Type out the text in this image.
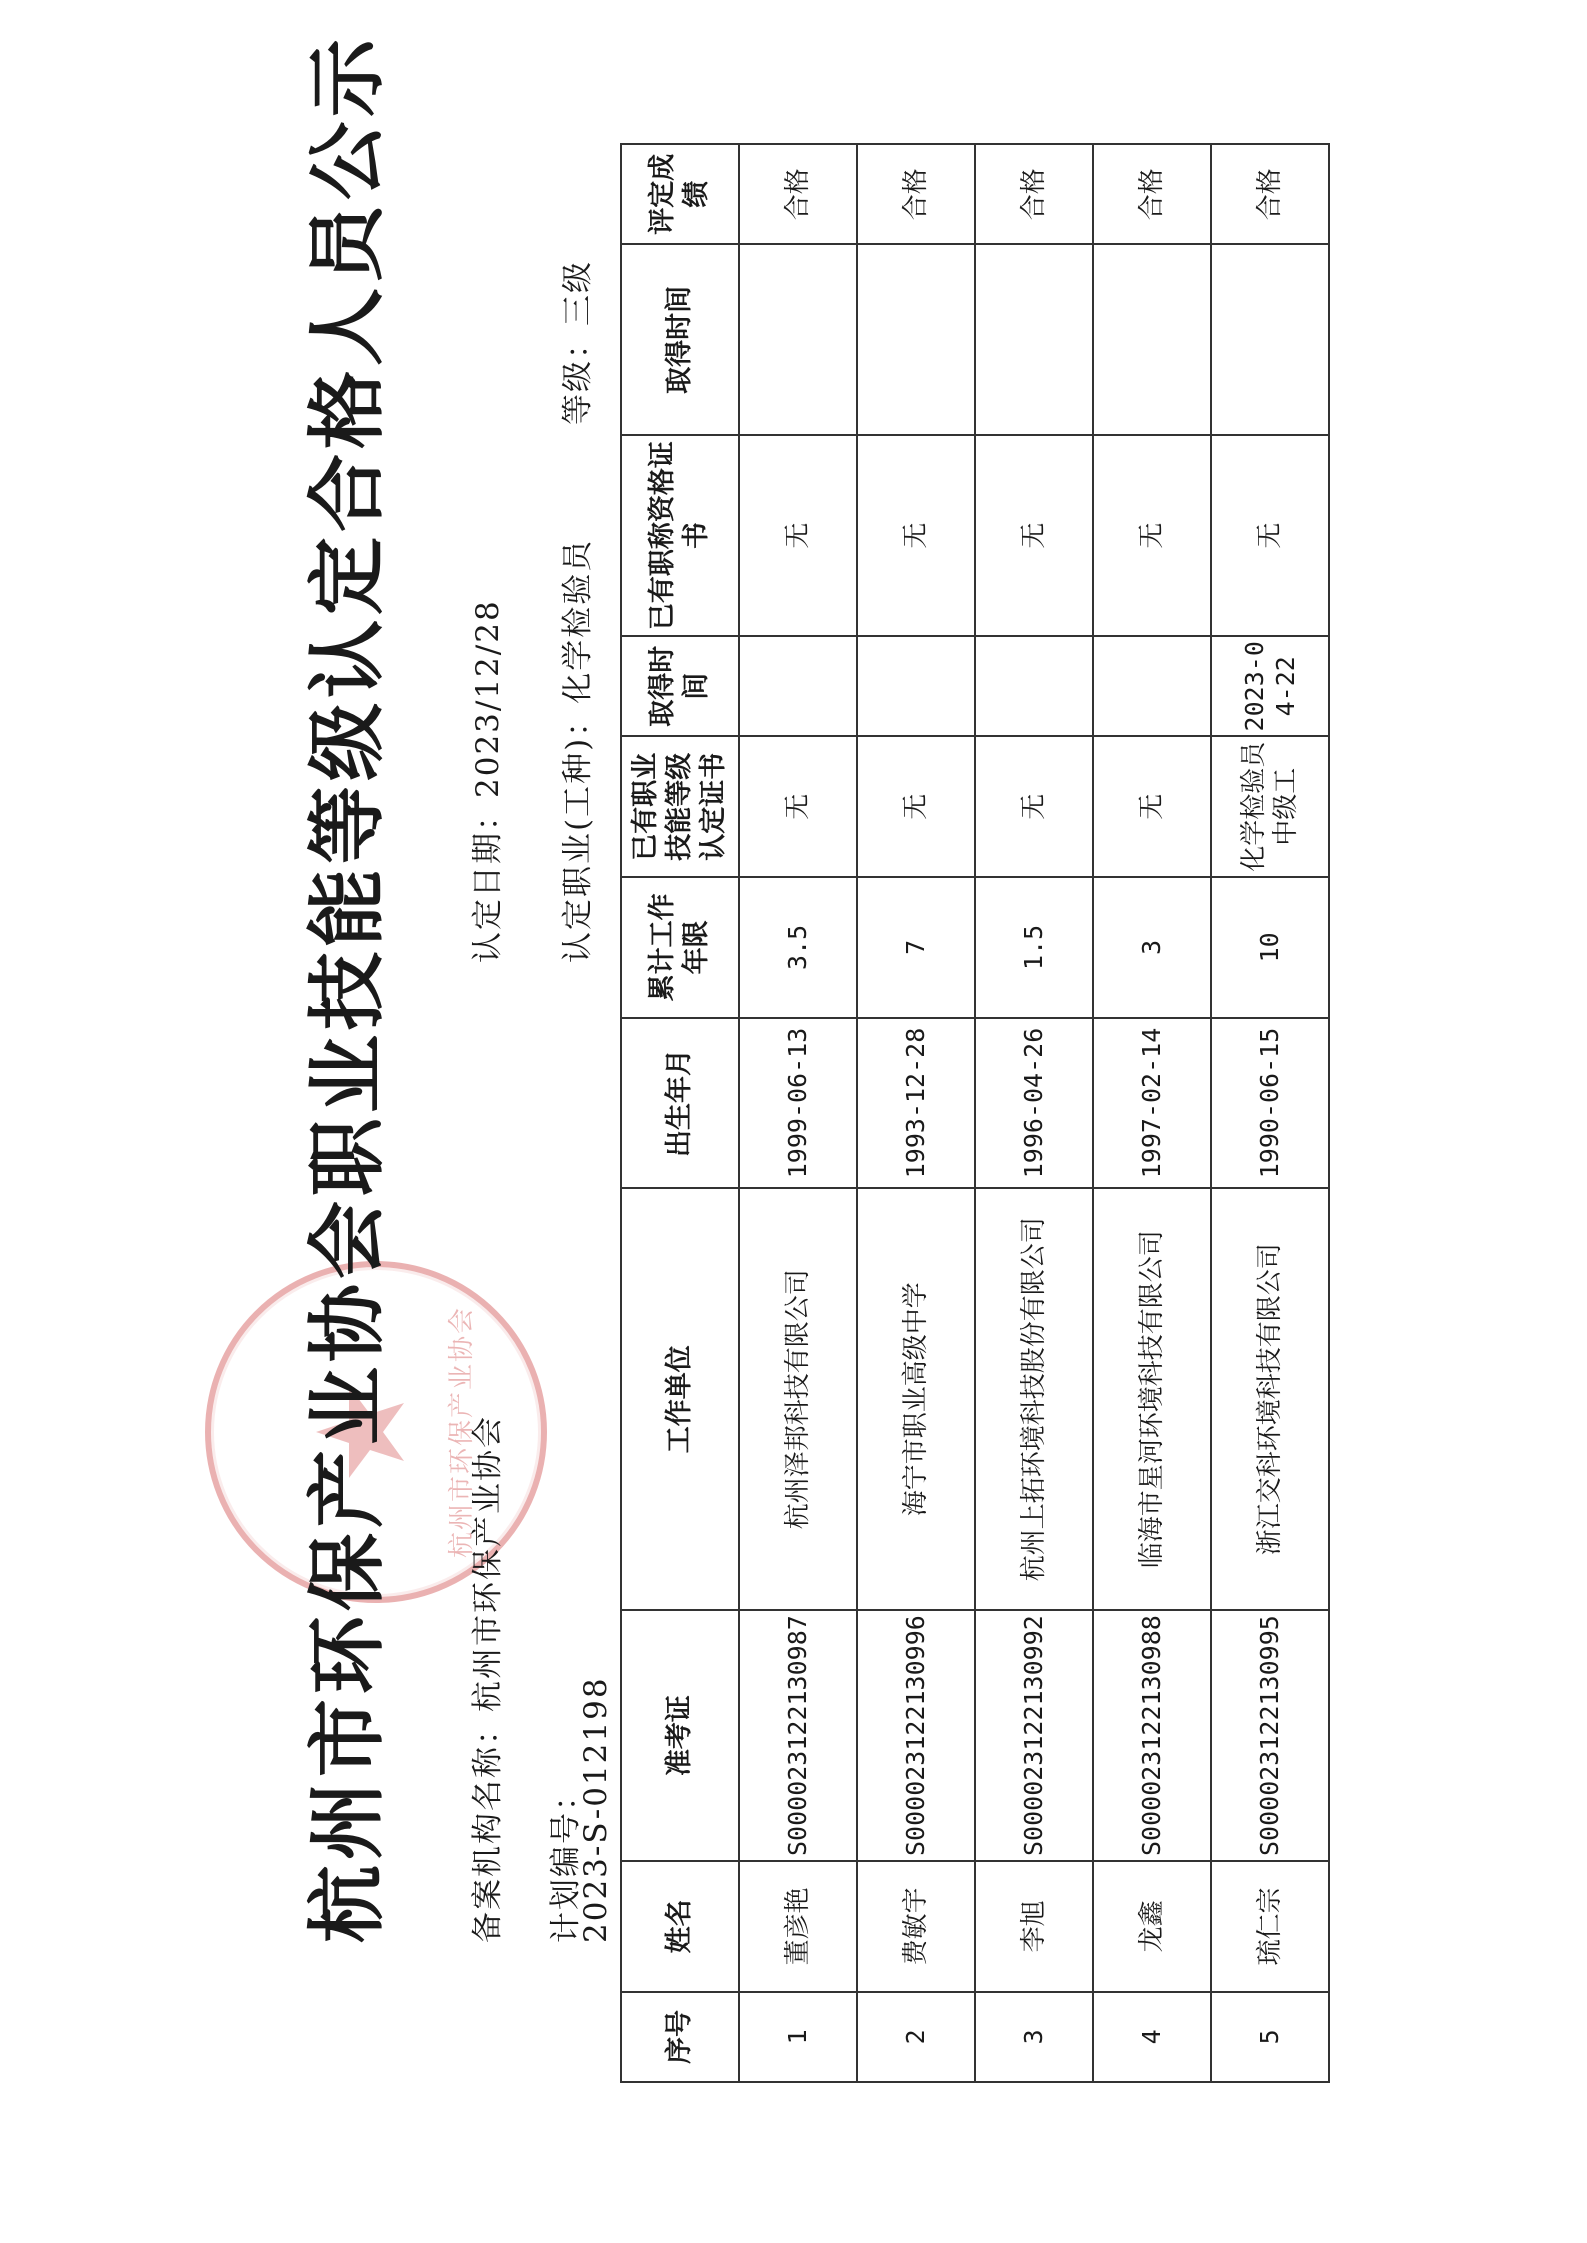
杭州市环保产业协会
杭州市环保产业协会职业技能等级认定合格人员公示 备案机构名称：杭州市环保产业协会
认定日期：2023/12/28
计划编号：
2023-S-012198
认定职业(工种)：化学检验员
等级：三级
序号	姓名	准考证	工作单位	出生年月	累计工作年限	已有职业技能等级认定证书	取得时间	已有职称资格证书	取得时间	评定成绩
1	董彦艳	S000023122130987	杭州泽邦科技有限公司	1999-06-13	3.5	无		无		合格
2	费敏宇	S000023122130996	海宁市职业高级中学	1993-12-28	7	无		无		合格
3	李旭	S000023122130992	杭州上拓环境科技股份有限公司	1996-04-26	1.5	无		无		合格
4	龙鑫	S000023122130988	临海市星河环境科技有限公司	1997-02-14	3	无		无		合格
5	琉仁宗	S000023122130995	浙江交科环境科技有限公司	1990-06-15	10	化学检验员中级工	2023-04-22	无		合格
